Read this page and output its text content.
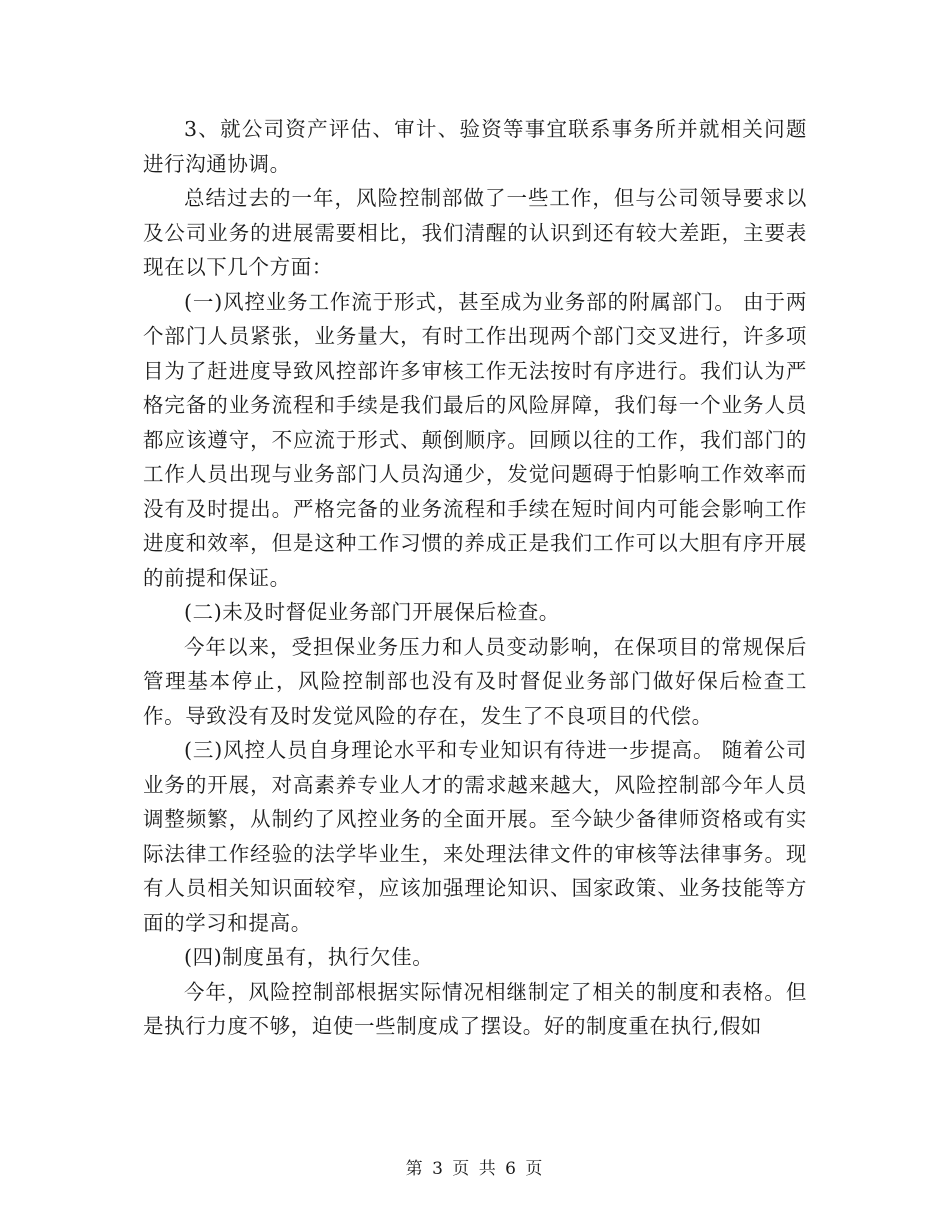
3、就公司资产评估、审计、验资等事宜联系事务所并就相关问题进行沟通协调。

总结过去的一年，风险控制部做了一些工作，但与公司领导要求以及公司业务的进展需要相比，我们清醒的认识到还有较大差距，主要表现在以下几个方面：

(一)风控业务工作流于形式，甚至成为业务部的附属部门。 由于两个部门人员紧张，业务量大，有时工作出现两个部门交叉进行，许多项目为了赶进度导致风控部许多审核工作无法按时有序进行。我们认为严格完备的业务流程和手续是我们最后的风险屏障，我们每一个业务人员都应该遵守，不应流于形式、颠倒顺序。回顾以往的工作，我们部门的工作人员出现与业务部门人员沟通少，发觉问题碍于怕影响工作效率而没有及时提出。严格完备的业务流程和手续在短时间内可能会影响工作进度和效率，但是这种工作习惯的养成正是我们工作可以大胆有序开展的前提和保证。

(二)未及时督促业务部门开展保后检查。

今年以来，受担保业务压力和人员变动影响，在保项目的常规保后管理基本停止，风险控制部也没有及时督促业务部门做好保后检查工作。导致没有及时发觉风险的存在，发生了不良项目的代偿。

(三)风控人员自身理论水平和专业知识有待进一步提高。 随着公司业务的开展，对高素养专业人才的需求越来越大，风险控制部今年人员调整频繁，从制约了风控业务的全面开展。至今缺少备律师资格或有实际法律工作经验的法学毕业生，来处理法律文件的审核等法律事务。现有人员相关知识面较窄，应该加强理论知识、国家政策、业务技能等方面的学习和提高。

(四)制度虽有，执行欠佳。

今年，风险控制部根据实际情况相继制定了相关的制度和表格。但是执行力度不够，迫使一些制度成了摆设。好的制度重在执行,假如

第 3 页 共 6 页
